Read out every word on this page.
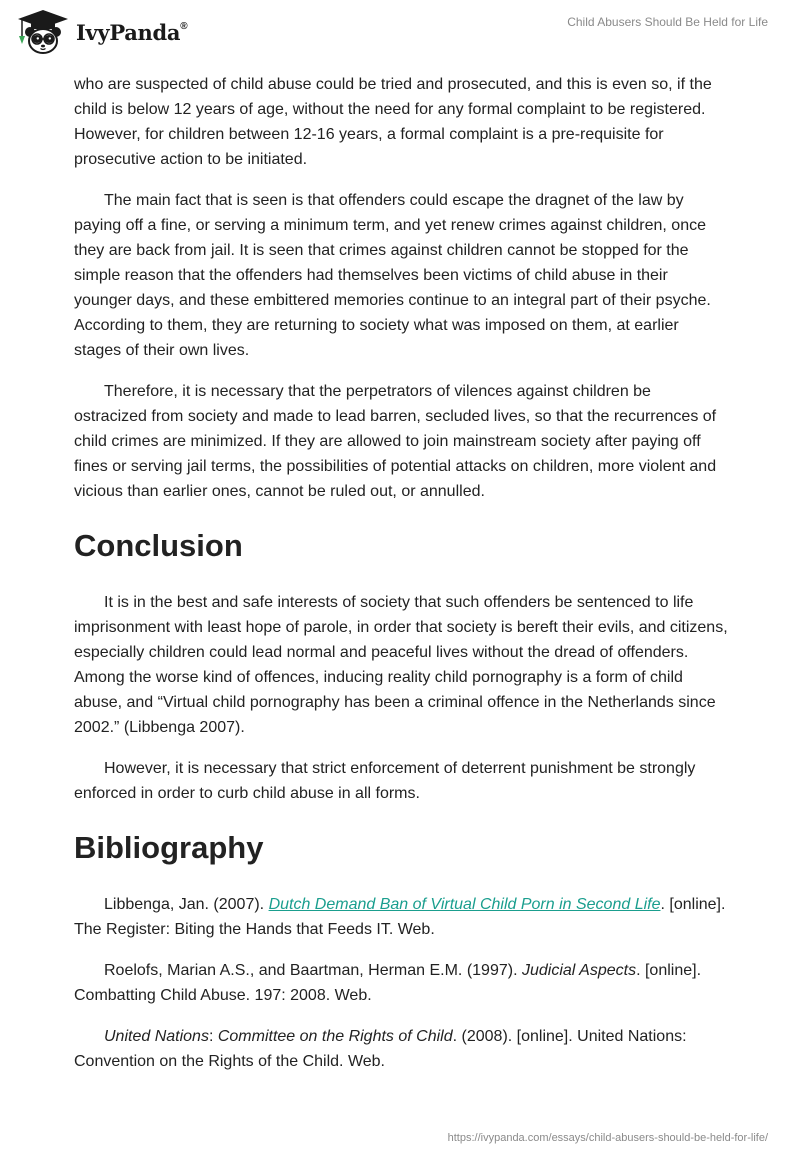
IvyPanda®	Child Abusers Should Be Held for Life

who are suspected of child abuse could be tried and prosecuted, and this is even so, if the child is below 12 years of age, without the need for any formal complaint to be registered. However, for children between 12-16 years, a formal complaint is a pre-requisite for prosecutive action to be initiated.

The main fact that is seen is that offenders could escape the dragnet of the law by paying off a fine, or serving a minimum term, and yet renew crimes against children, once they are back from jail. It is seen that crimes against children cannot be stopped for the simple reason that the offenders had themselves been victims of child abuse in their younger days, and these embittered memories continue to an integral part of their psyche. According to them, they are returning to society what was imposed on them, at earlier stages of their own lives.

Therefore, it is necessary that the perpetrators of vilences against children be ostracized from society and made to lead barren, secluded lives, so that the recurrences of child crimes are minimized. If they are allowed to join mainstream society after paying off fines or serving jail terms, the possibilities of potential attacks on children, more violent and vicious than earlier ones, cannot be ruled out, or annulled.

Conclusion

It is in the best and safe interests of society that such offenders be sentenced to life imprisonment with least hope of parole, in order that society is bereft their evils, and citizens, especially children could lead normal and peaceful lives without the dread of offenders. Among the worse kind of offences, inducing reality child pornography is a form of child abuse, and “Virtual child pornography has been a criminal offence in the Netherlands since 2002.” (Libbenga 2007).

However, it is necessary that strict enforcement of deterrent punishment be strongly enforced in order to curb child abuse in all forms.

Bibliography

Libbenga, Jan. (2007). Dutch Demand Ban of Virtual Child Porn in Second Life. [online]. The Register: Biting the Hands that Feeds IT. Web.

Roelofs, Marian A.S., and Baartman, Herman E.M. (1997). Judicial Aspects. [online]. Combatting Child Abuse. 197: 2008. Web.

United Nations: Committee on the Rights of Child. (2008). [online]. United Nations: Convention on the Rights of the Child. Web.

https://ivypanda.com/essays/child-abusers-should-be-held-for-life/
